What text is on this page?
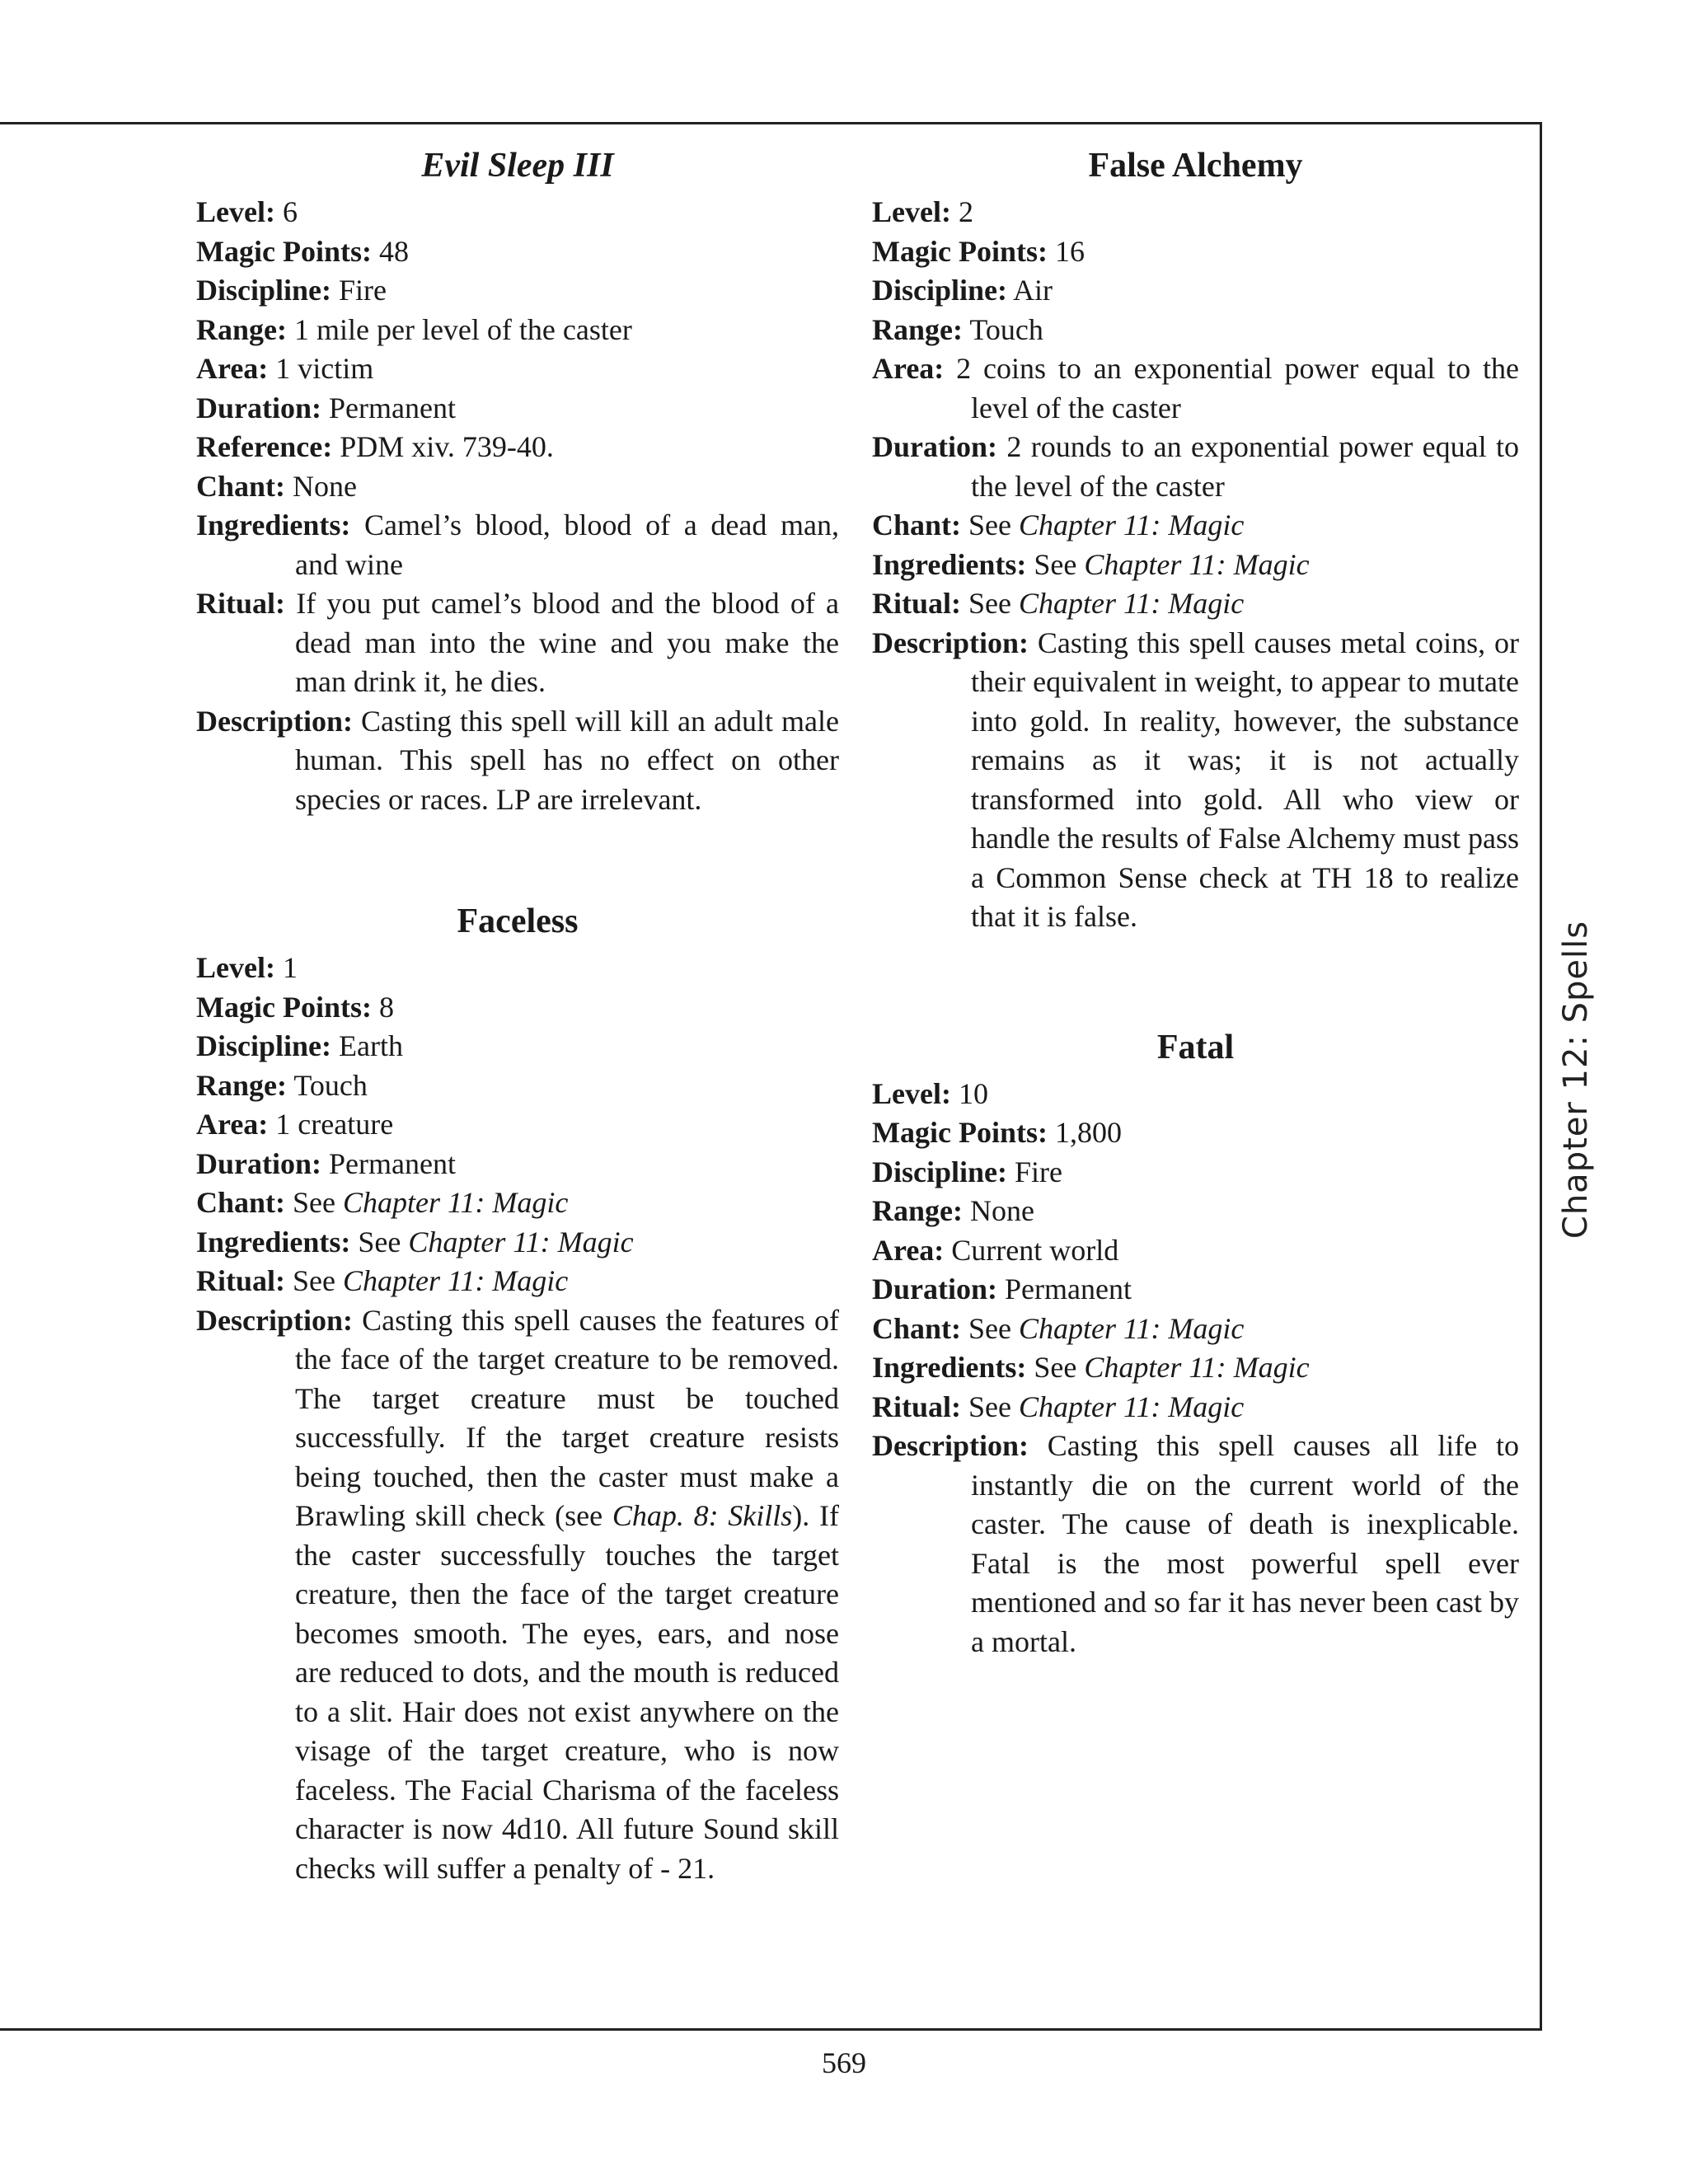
Evil Sleep III
Level: 6
Magic Points: 48
Discipline: Fire
Range: 1 mile per level of the caster
Area: 1 victim
Duration: Permanent
Reference: PDM xiv. 739-40.
Chant: None
Ingredients: Camel’s blood, blood of a dead man, and wine
Ritual: If you put camel’s blood and the blood of a dead man into the wine and you make the man drink it, he dies.
Description: Casting this spell will kill an adult male human. This spell has no effect on other species or races. LP are irrelevant.
Faceless
Level: 1
Magic Points: 8
Discipline: Earth
Range: Touch
Area: 1 creature
Duration: Permanent
Chant: See Chapter 11: Magic
Ingredients: See Chapter 11: Magic
Ritual: See Chapter 11: Magic
Description: Casting this spell causes the features of the face of the target creature to be removed. The target creature must be touched successfully. If the target creature resists being touched, then the caster must make a Brawling skill check (see Chap. 8: Skills). If the caster successfully touches the target creature, then the face of the target creature becomes smooth. The eyes, ears, and nose are reduced to dots, and the mouth is reduced to a slit. Hair does not exist anywhere on the visage of the target creature, who is now faceless. The Facial Charisma of the faceless character is now 4d10. All future Sound skill checks will suffer a penalty of - 21.
False Alchemy
Level: 2
Magic Points: 16
Discipline: Air
Range: Touch
Area: 2 coins to an exponential power equal to the level of the caster
Duration: 2 rounds to an exponential power equal to the level of the caster
Chant: See Chapter 11: Magic
Ingredients: See Chapter 11: Magic
Ritual: See Chapter 11: Magic
Description: Casting this spell causes metal coins, or their equivalent in weight, to appear to mutate into gold. In reality, however, the substance remains as it was; it is not actually transformed into gold. All who view or handle the results of False Alchemy must pass a Common Sense check at TH 18 to realize that it is false.
Fatal
Level: 10
Magic Points: 1,800
Discipline: Fire
Range: None
Area: Current world
Duration: Permanent
Chant: See Chapter 11: Magic
Ingredients: See Chapter 11: Magic
Ritual: See Chapter 11: Magic
Description: Casting this spell causes all life to instantly die on the current world of the caster. The cause of death is inexplicable. Fatal is the most powerful spell ever mentioned and so far it has never been cast by a mortal.
Chapter 12: Spells
569
